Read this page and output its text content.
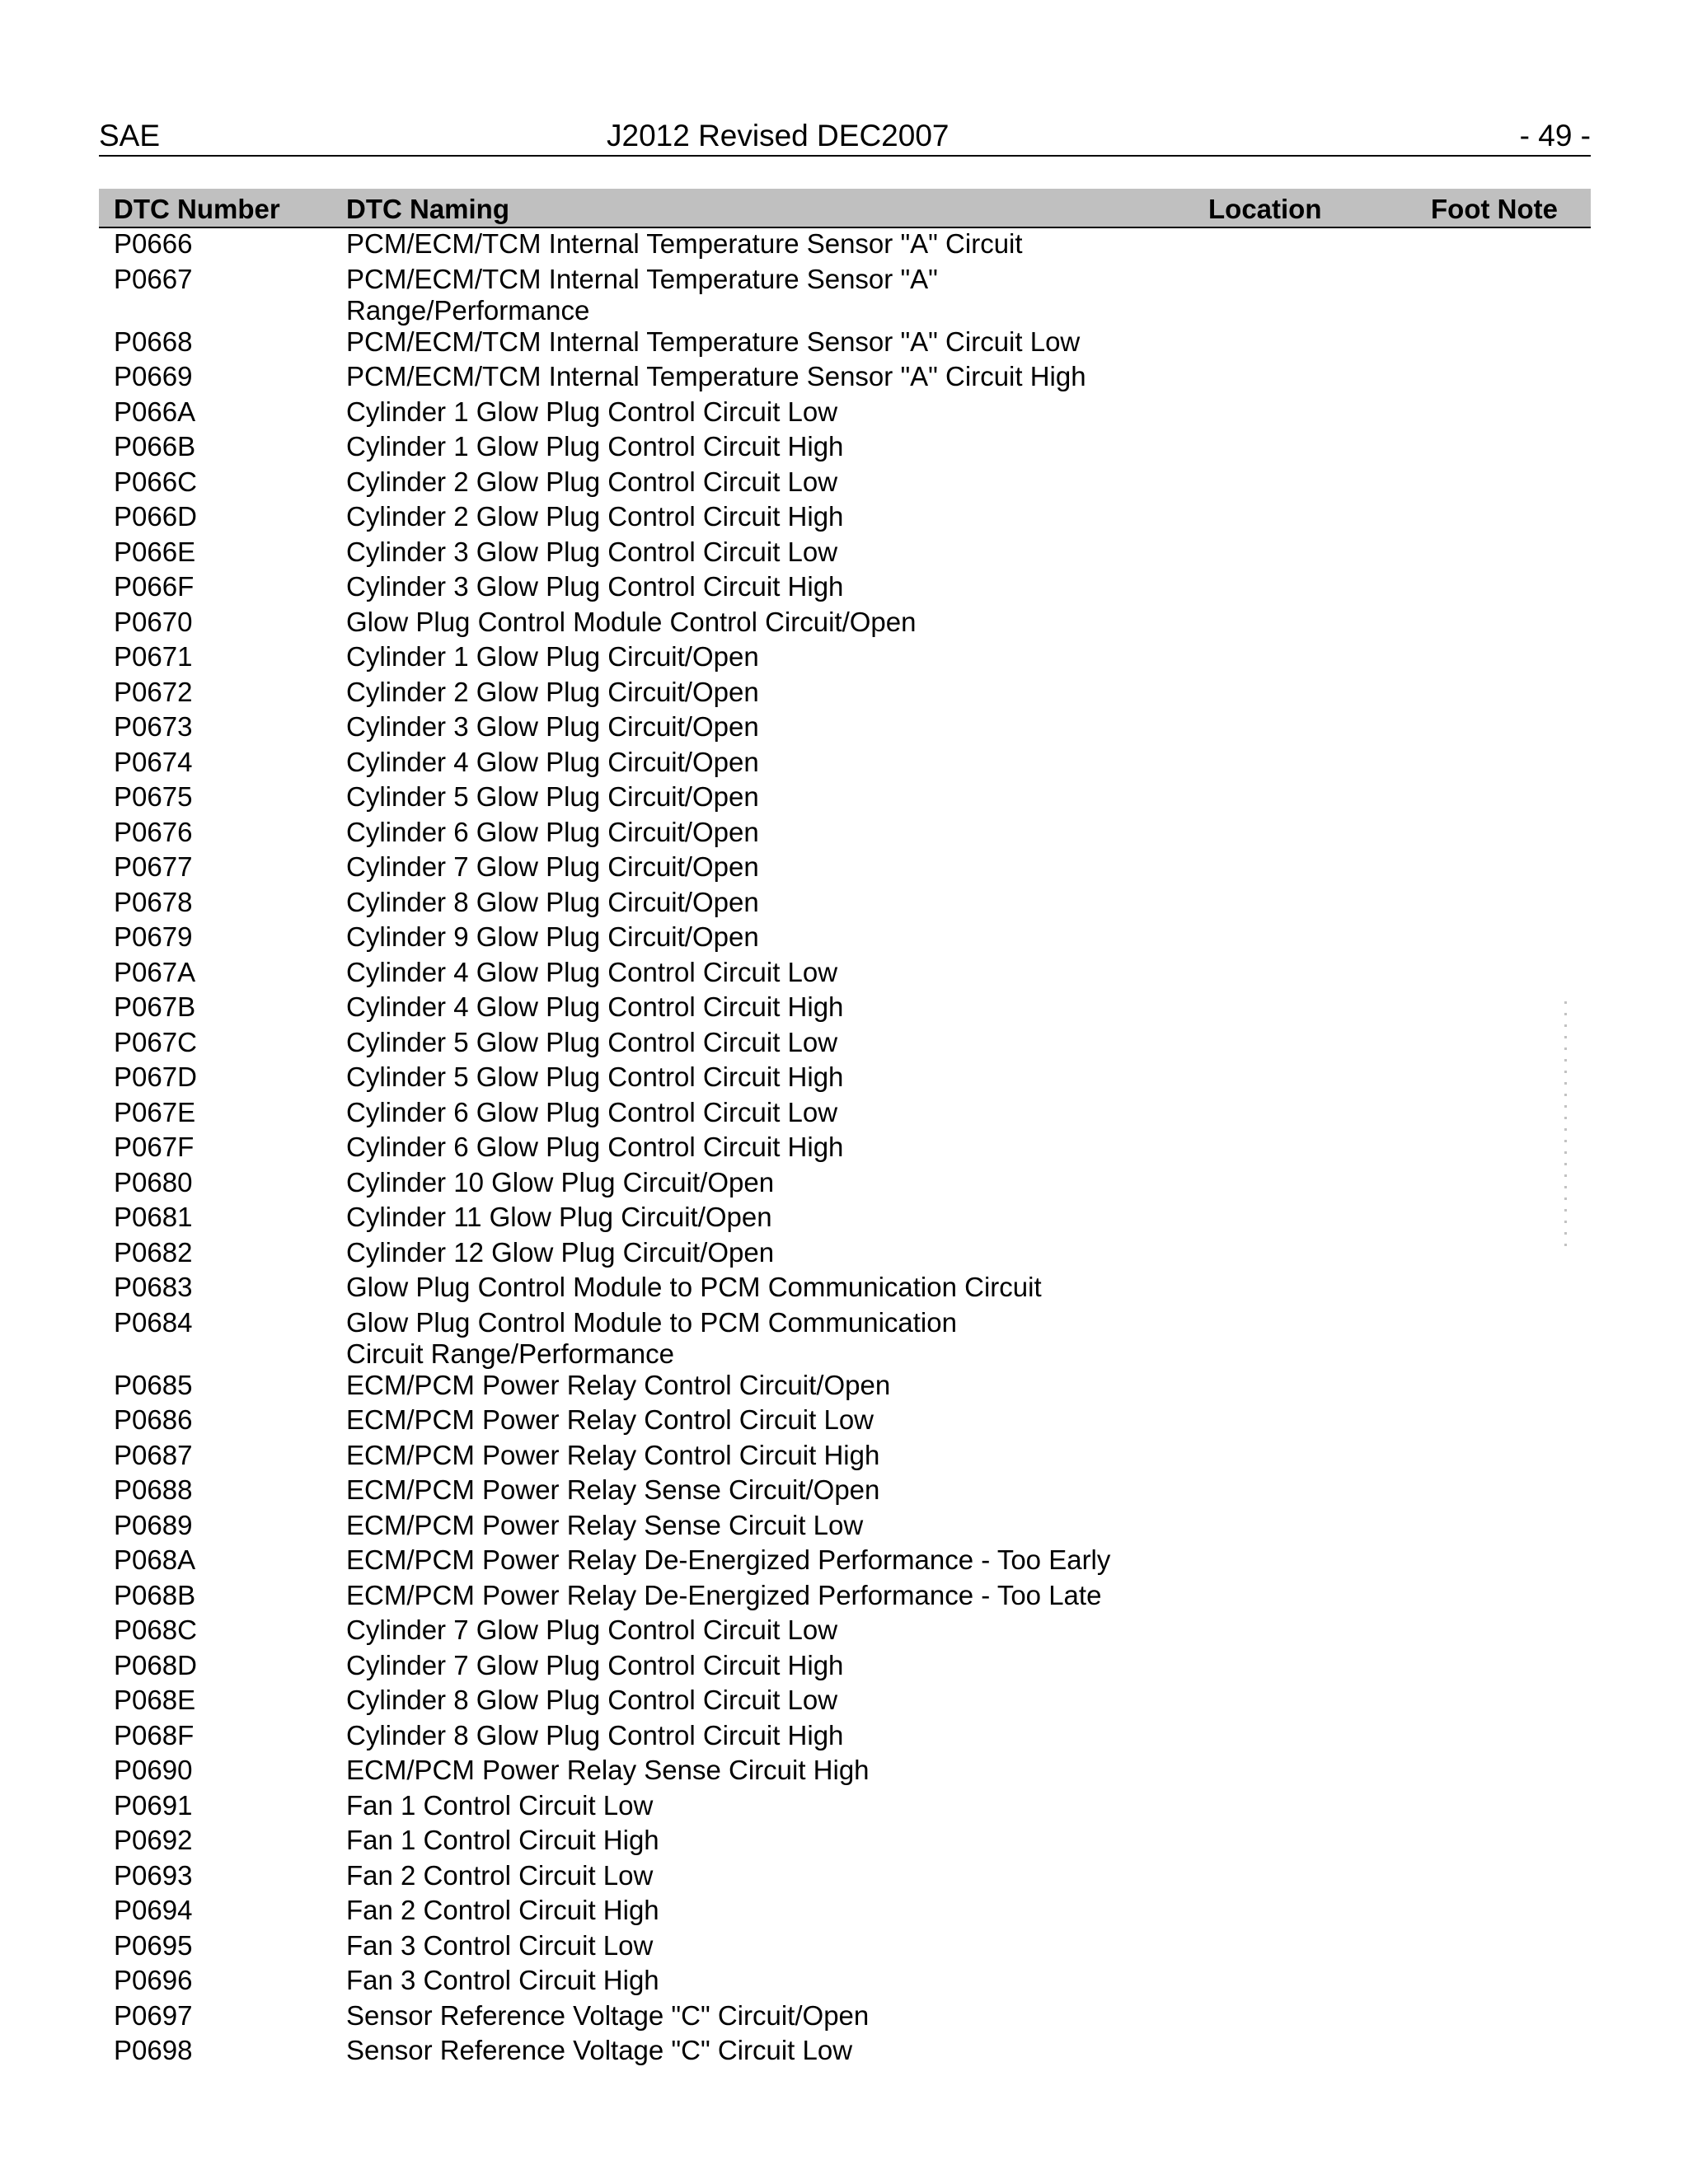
SAE	J2012 Revised DEC2007	- 49 -
DTC Number	DTC Naming	Location	Foot Note
P0666	PCM/ECM/TCM Internal Temperature Sensor "A" Circuit		
P0667	PCM/ECM/TCM Internal Temperature Sensor "A" Range/Performance		

P0668	PCM/ECM/TCM Internal Temperature Sensor "A" Circuit Low		
P0669	PCM/ECM/TCM Internal Temperature Sensor "A" Circuit High		
P066A	Cylinder 1 Glow Plug Control Circuit Low		
P066B	Cylinder 1 Glow Plug Control Circuit High		
P066C	Cylinder 2 Glow Plug Control Circuit Low		
P066D	Cylinder 2 Glow Plug Control Circuit High		
P066E	Cylinder 3 Glow Plug Control Circuit Low		
P066F	Cylinder 3 Glow Plug Control Circuit High		
P0670	Glow Plug Control Module Control Circuit/Open		
P0671	Cylinder 1 Glow Plug Circuit/Open		
P0672	Cylinder 2 Glow Plug Circuit/Open		
P0673	Cylinder 3 Glow Plug Circuit/Open		
P0674	Cylinder 4 Glow Plug Circuit/Open		
P0675	Cylinder 5 Glow Plug Circuit/Open		
P0676	Cylinder 6 Glow Plug Circuit/Open		
P0677	Cylinder 7 Glow Plug Circuit/Open		
P0678	Cylinder 8 Glow Plug Circuit/Open		
P0679	Cylinder 9 Glow Plug Circuit/Open		
P067A	Cylinder 4 Glow Plug Control Circuit Low		
P067B	Cylinder 4 Glow Plug Control Circuit High		
P067C	Cylinder 5 Glow Plug Control Circuit Low		
P067D	Cylinder 5 Glow Plug Control Circuit High		
P067E	Cylinder 6 Glow Plug Control Circuit Low		
P067F	Cylinder 6 Glow Plug Control Circuit High		
P0680	Cylinder 10 Glow Plug Circuit/Open		
P0681	Cylinder 11 Glow Plug Circuit/Open		
P0682	Cylinder 12 Glow Plug Circuit/Open		
P0683	Glow Plug Control Module to PCM Communication Circuit		
P0684	Glow Plug Control Module to PCM Communication Circuit Range/Performance		

P0685	ECM/PCM Power Relay Control Circuit/Open		
P0686	ECM/PCM Power Relay Control Circuit Low		
P0687	ECM/PCM Power Relay Control Circuit High		
P0688	ECM/PCM Power Relay Sense Circuit/Open		
P0689	ECM/PCM Power Relay Sense Circuit Low		
P068A	ECM/PCM Power Relay De-Energized Performance - Too Early		
P068B	ECM/PCM Power Relay De-Energized Performance - Too Late		
P068C	Cylinder 7 Glow Plug Control Circuit Low		
P068D	Cylinder 7 Glow Plug Control Circuit High		
P068E	Cylinder 8 Glow Plug Control Circuit Low		
P068F	Cylinder 8 Glow Plug Control Circuit High		
P0690	ECM/PCM Power Relay Sense Circuit High		
P0691	Fan 1 Control Circuit Low		
P0692	Fan 1 Control Circuit High		
P0693	Fan 2 Control Circuit Low		
P0694	Fan 2 Control Circuit High		
P0695	Fan 3 Control Circuit Low		
P0696	Fan 3 Control Circuit High		
P0697	Sensor Reference Voltage "C" Circuit/Open		
P0698	Sensor Reference Voltage "C" Circuit Low		
